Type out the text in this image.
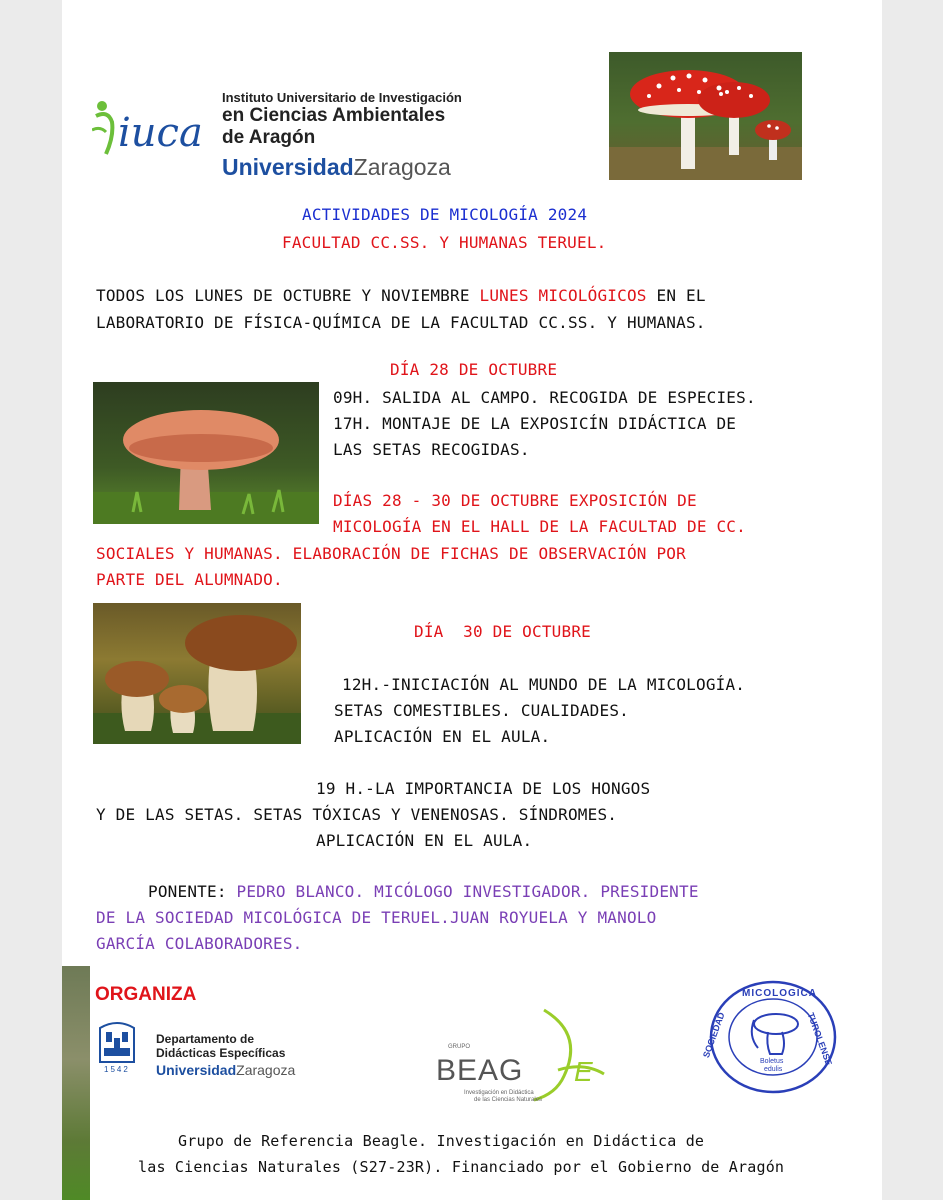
iuca
Instituto Universitario de Investigación
en Ciencias Ambientales
de Aragón
UniversidadZaragoza
ACTIVIDADES DE MICOLOGÍA 2024
FACULTAD CC.SS. Y HUMANAS TERUEL.
TODOS LOS LUNES DE OCTUBRE Y NOVIEMBRE LUNES MICOLÓGICOS EN EL
LABORATORIO DE FÍSICA-QUÍMICA DE LA FACULTAD CC.SS. Y HUMANAS.
DÍA 28 DE OCTUBRE
09H. SALIDA AL CAMPO. RECOGIDA DE ESPECIES.
17H. MONTAJE DE LA EXPOSICÍN DIDÁCTICA DE
LAS SETAS RECOGIDAS.
DÍAS 28 - 30 DE OCTUBRE EXPOSICIÓN DE
MICOLOGÍA EN EL HALL DE LA FACULTAD DE CC.
SOCIALES Y HUMANAS. ELABORACIÓN DE FICHAS DE OBSERVACIÓN POR
PARTE DEL ALUMNADO.
DÍA  30 DE OCTUBRE
12H.-INICIACIÓN AL MUNDO DE LA MICOLOGÍA.
SETAS COMESTIBLES. CUALIDADES.
APLICACIÓN EN EL AULA.
19 H.-LA IMPORTANCIA DE LOS HONGOS
Y DE LAS SETAS. SETAS TÓXICAS Y VENENOSAS. SÍNDROMES.
APLICACIÓN EN EL AULA.
PONENTE: PEDRO BLANCO. MICÓLOGO INVESTIGADOR. PRESIDENTE
DE LA SOCIEDAD MICOLÓGICA DE TERUEL.JUAN ROYUELA Y MANOLO
GARCÍA COLABORADORES.
ORGANIZA
1542
Departamento de
Didácticas Específicas
UniversidadZaragoza
GRUPO
BEAG E
Investigación en Didáctica
de las Ciencias Naturales
MICOLOGICA
SOCIEDAD	TUROLENSE
Boletus
edulis
Grupo de Referencia Beagle. Investigación en Didáctica de
las Ciencias Naturales (S27-23R). Financiado por el Gobierno de Aragón
